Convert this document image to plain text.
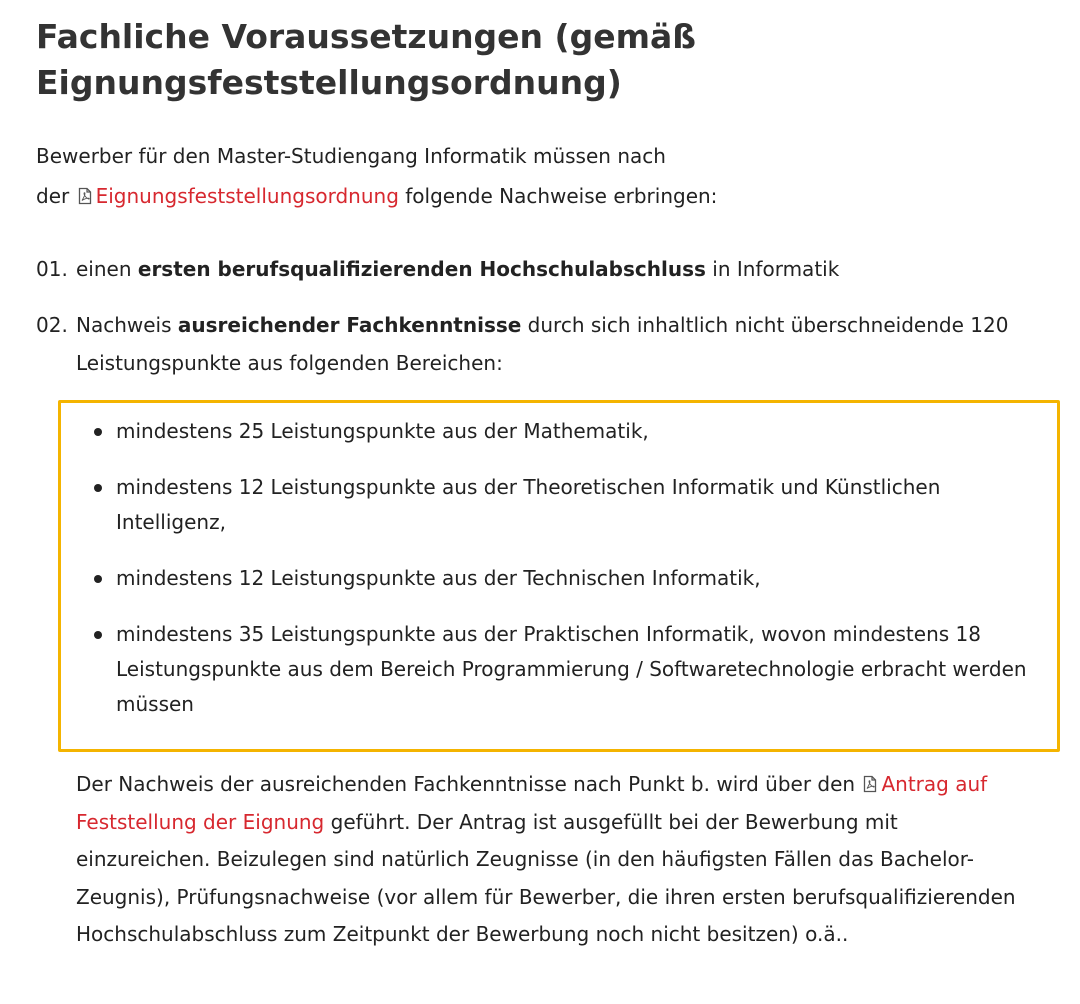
Fachliche Voraussetzungen (gemäß Eignungsfeststellungsordnung)

Bewerber für den Master-Studiengang Informatik müssen nach

der Eignungsfeststellungsordnung folgende Nachweise erbringen:

01. einen ersten berufsqualifizierenden Hochschulabschluss in Informatik
02. Nachweis ausreichender Fachkenntnisse durch sich inhaltlich nicht überschneidende 120 Leistungspunkte aus folgenden Bereichen:
mindestens 25 Leistungspunkte aus der Mathematik,
mindestens 12 Leistungspunkte aus der Theoretischen Informatik und Künstlichen Intelligenz,
mindestens 12 Leistungspunkte aus der Technischen Informatik,
mindestens 35 Leistungspunkte aus der Praktischen Informatik, wovon mindestens 18 Leistungspunkte aus dem Bereich Programmierung / Softwaretechnologie erbracht werden müssen

Der Nachweis der ausreichenden Fachkenntnisse nach Punkt b. wird über den Antrag auf Feststellung der Eignung geführt. Der Antrag ist ausgefüllt bei der Bewerbung mit einzureichen. Beizulegen sind natürlich Zeugnisse (in den häufigsten Fällen das Bachelor-Zeugnis), Prüfungsnachweise (vor allem für Bewerber, die ihren ersten berufsqualifizierenden Hochschulabschluss zum Zeitpunkt der Bewerbung noch nicht besitzen) o.ä..
